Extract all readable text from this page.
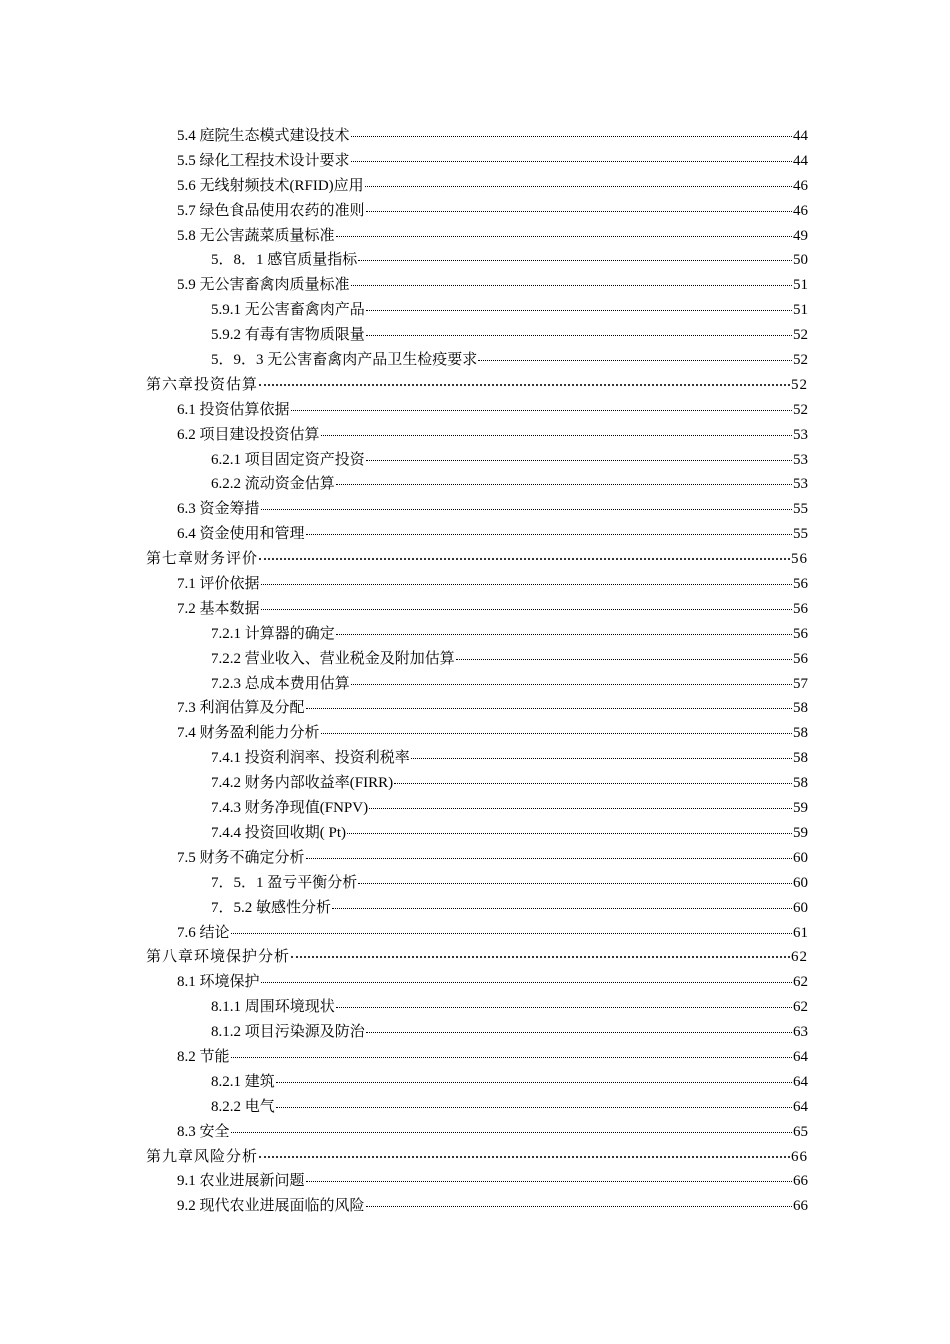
5.4 庭院生态模式建设技术	44
5.5 绿化工程技术设计要求	44
5.6 无线射频技术(RFID)应用	46
5.7 绿色食品使用农药的准则	46
5.8 无公害蔬菜质量标准	49
5．8．1 感官质量指标	50
5.9 无公害畜禽肉质量标准	51
5.9.1 无公害畜禽肉产品	51
5.9.2 有毒有害物质限量	52
5．9．3 无公害畜禽肉产品卫生检疫要求	52
第六章投资估算	52
6.1 投资估算依据	52
6.2 项目建设投资估算	53
6.2.1 项目固定资产投资	53
6.2.2 流动资金估算	53
6.3 资金筹措	55
6.4 资金使用和管理	55
第七章财务评价	56
7.1 评价依据	56
7.2 基本数据	56
7.2.1 计算器的确定	56
7.2.2 营业收入、营业税金及附加估算	56
7.2.3 总成本费用估算	57
7.3 利润估算及分配	58
7.4 财务盈利能力分析	58
7.4.1 投资利润率、投资利税率	58
7.4.2 财务内部收益率(FIRR)	58
7.4.3 财务净现值(FNPV)	59
7.4.4 投资回收期( Pt)	59
7.5 财务不确定分析	60
7．5．1 盈亏平衡分析	60
7．5.2 敏感性分析	60
7.6 结论	61
第八章环境保护分析	62
8.1 环境保护	62
8.1.1 周围环境现状	62
8.1.2 项目污染源及防治	63
8.2 节能	64
8.2.1 建筑	64
8.2.2 电气	64
8.3 安全	65
第九章风险分析	66
9.1 农业进展新问题	66
9.2 现代农业进展面临的风险	66
